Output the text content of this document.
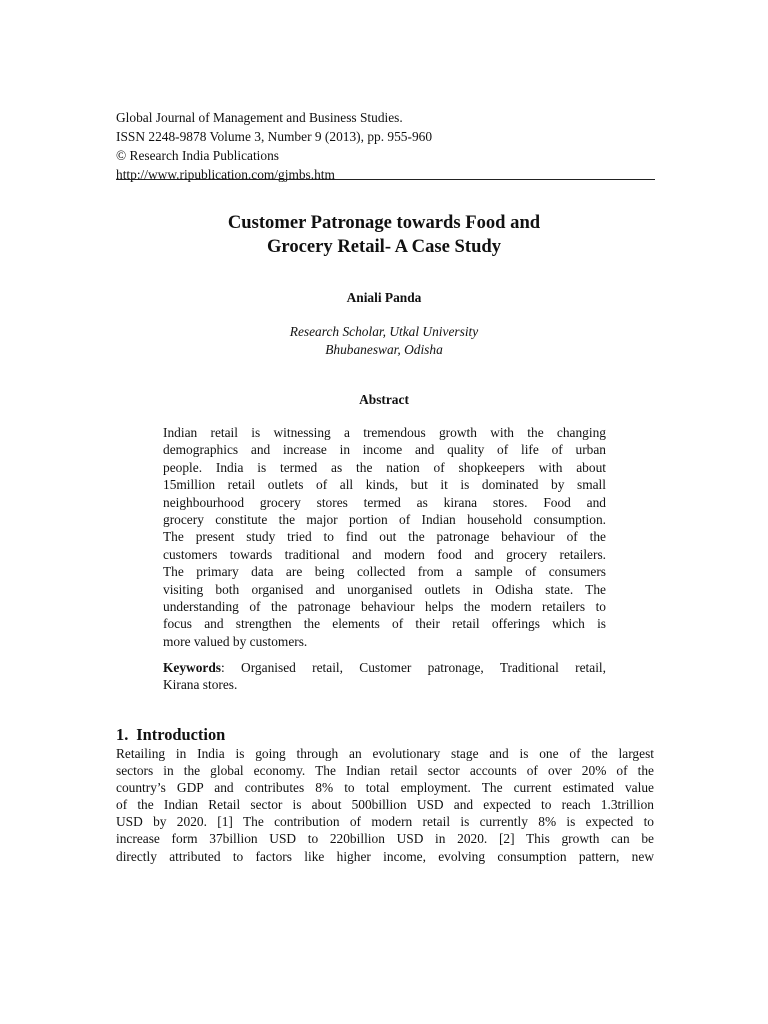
Global Journal of Management and Business Studies.
ISSN 2248-9878 Volume 3, Number 9 (2013), pp. 955-960
© Research India Publications
http://www.ripublication.com/gjmbs.htm
Customer Patronage towards Food and
Grocery Retail- A Case Study
Aniali Panda
Research Scholar, Utkal University
Bhubaneswar, Odisha
Abstract
Indian retail is witnessing a tremendous growth with the changing
demographics and increase in income and quality of life of urban
people. India is termed as the nation of shopkeepers with about
15million retail outlets of all kinds, but it is dominated by small
neighbourhood grocery stores termed as kirana stores. Food and
grocery constitute the major portion of Indian household consumption.
The present study tried to find out the patronage behaviour of the
customers towards traditional and modern food and grocery retailers.
The primary data are being collected from a sample of consumers
visiting both organised and unorganised outlets in Odisha state. The
understanding of the patronage behaviour helps the modern retailers to
focus and strengthen the elements of their retail offerings which is
more valued by customers.
Keywords: Organised retail, Customer patronage, Traditional retail,
Kirana stores.
1. Introduction
Retailing in India is going through an evolutionary stage and is one of the largest
sectors in the global economy. The Indian retail sector accounts of over 20% of the
country’s GDP and contributes 8% to total employment. The current estimated value
of the Indian Retail sector is about 500billion USD and expected to reach 1.3trillion
USD by 2020. [1] The contribution of modern retail is currently 8% is expected to
increase form 37billion USD to 220billion USD in 2020. [2] This growth can be
directly attributed to factors like higher income, evolving consumption pattern, new
